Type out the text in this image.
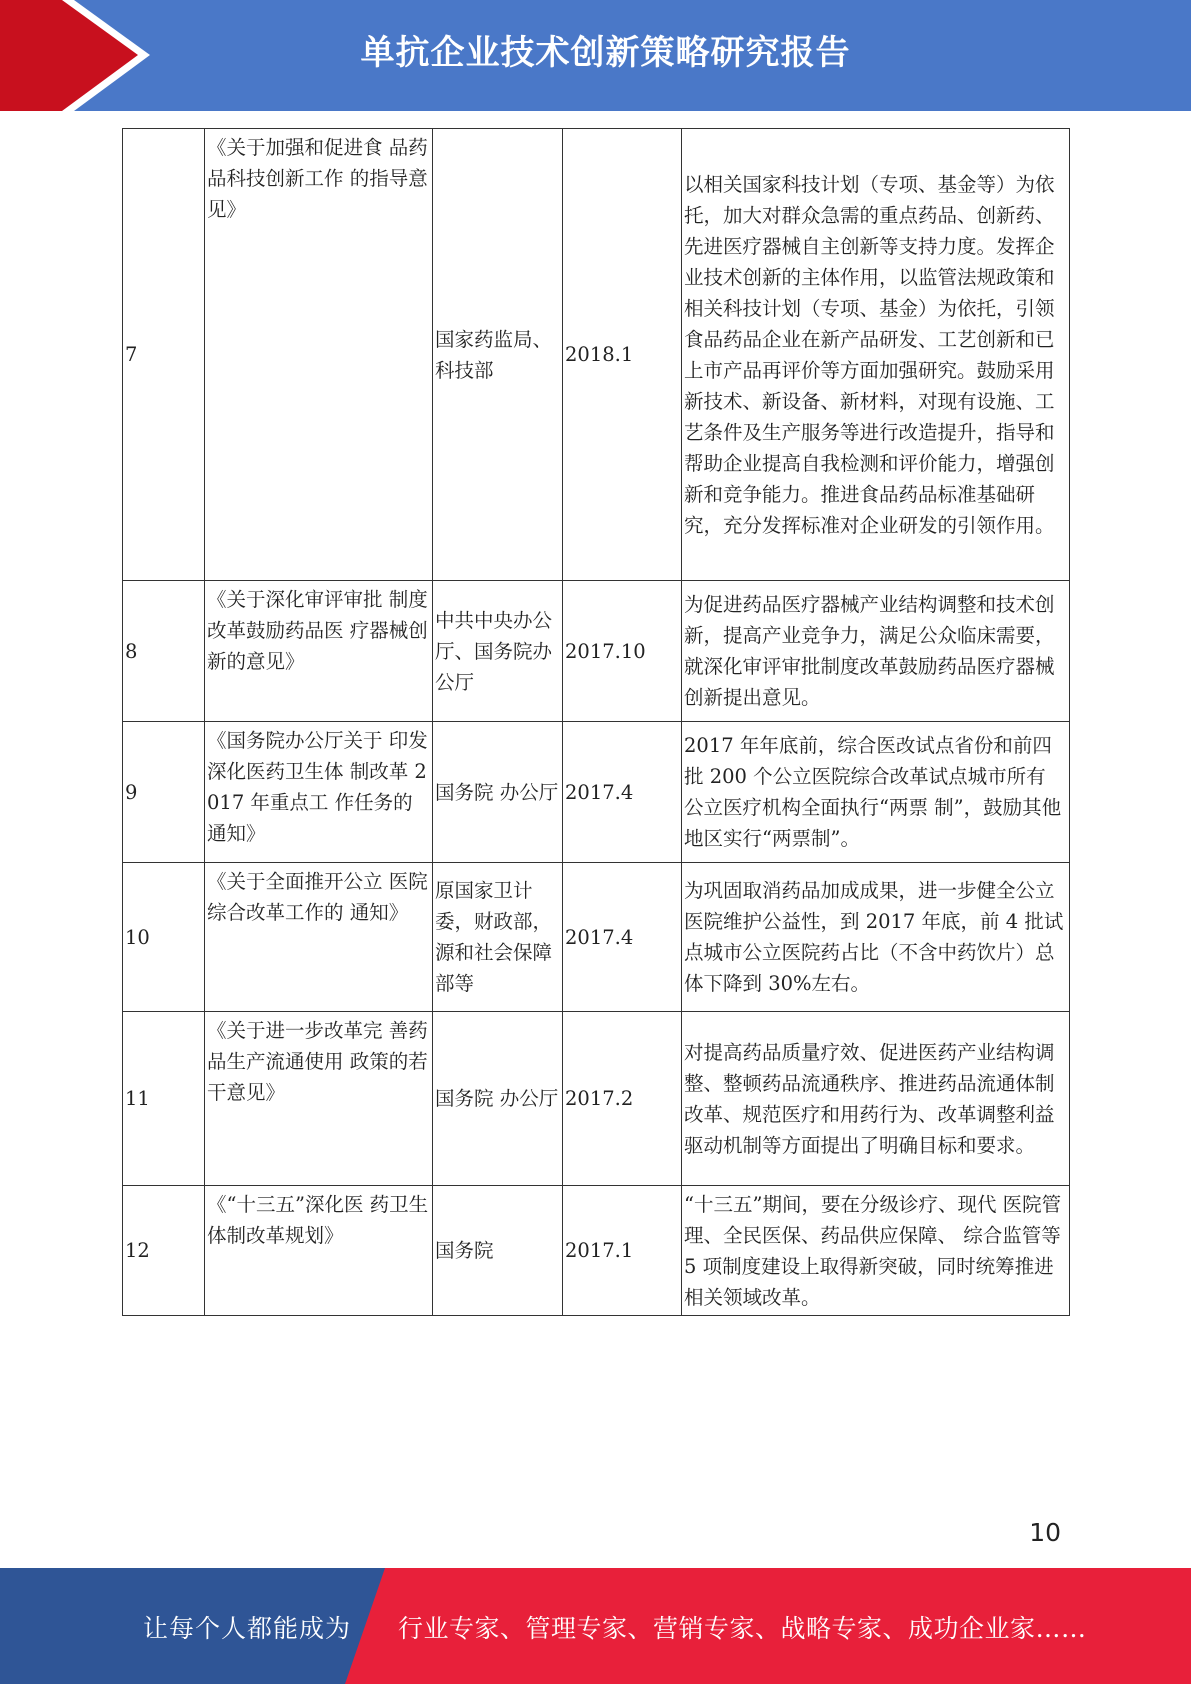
单抗企业技术创新策略研究报告
7	《关于加强和促进食 品药品科技创新工作 的指导意见》	国家药监局、科技部	2018.1	以相关国家科技计划（专项、基金等）为依托，加大对群众急需的重点药品、创新药、先进医疗器械自主创新等支持力度。发挥企业技术创新的主体作用，以监管法规政策和相关科技计划（专项、基金）为依托，引领食品药品企业在新产品研发、工艺创新和已上市产品再评价等方面加强研究。鼓励采用新技术、新设备、新材料，对现有设施、工艺条件及生产服务等进行改造提升，指导和帮助企业提高自我检测和评价能力，增强创新和竞争能力。推进食品药品标准基础研究，充分发挥标准对企业研发的引领作用。
8	《关于深化审评审批 制度改革鼓励药品医 疗器械创新的意见》	中共中央办公厅、国务院办公厅	2017.10	为促进药品医疗器械产业结构调整和技术创新，提高产业竞争力，满足公众临床需要，就深化审评审批制度改革鼓励药品医疗器械创新提出意见。
9	《国务院办公厅关于 印发深化医药卫生体 制改革 2017 年重点工 作任务的通知》	国务院 办公厅	2017.4	2017 年年底前，综合医改试点省份和前四批 200 个公立医院综合改革试点城市所有公立医疗机构全面执行“两票 制”，鼓励其他地区实行“两票制”。
10	《关于全面推开公立 医院综合改革工作的 通知》	原国家卫计委，财政部，源和社会保障部等	2017.4	为巩固取消药品加成成果，进一步健全公立医院维护公益性，到 2017 年底，前 4 批试点城市公立医院药占比（不含中药饮片）总体下降到 30%左右。
11	《关于进一步改革完 善药品生产流通使用 政策的若干意见》	国务院 办公厅	2017.2	对提高药品质量疗效、促进医药产业结构调整、整顿药品流通秩序、推进药品流通体制改革、规范医疗和用药行为、改革调整利益驱动机制等方面提出了明确目标和要求。
12	《“十三五”深化医 药卫生体制改革规划》	国务院	2017.1	“十三五”期间，要在分级诊疗、现代 医院管理、全民医保、药品供应保障、 综合监管等 5 项制度建设上取得新突破，同时统筹推进相关领域改革。
10
让每个人都能成为 行业专家、管理专家、营销专家、战略专家、成功企业家……
